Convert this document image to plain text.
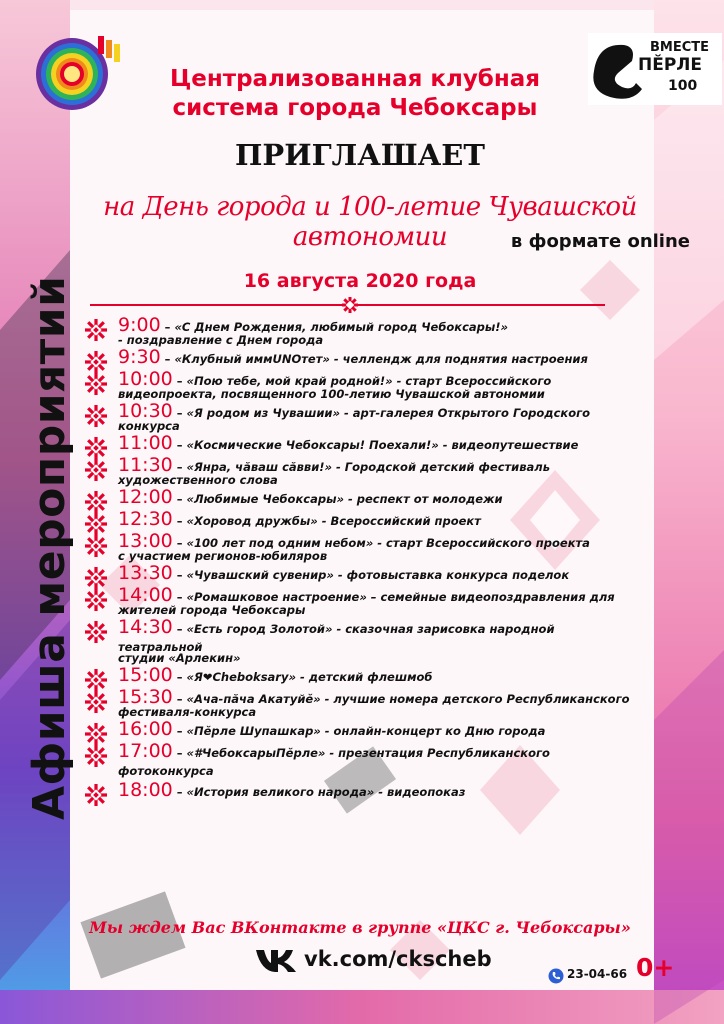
ВМЕСТЕ
ПĔРЛЕ
100
Централизованная клубная
система города Чебоксары
ПРИГЛАШАЕТ
на День города и 100-летие Чувашской автономии	в формате online
16 августа 2020 года
Афиша мероприятий	9:00 – «С Днем Рождения, любимый город Чебоксары!»
- поздравление с Днем города
9:30 – «Клубный иммUNOтет» - челлендж для поднятия настроения
10:00 – «Пою тебе, мой край родной!» - старт Всероссийского
видеопроекта, посвященного 100-летию Чувашской автономии
10:30 – «Я родом из Чувашии» - арт-галерея Открытого Городского
конкурса
11:00 – «Космические Чебоксары! Поехали!» - видеопутешествие
11:30 – «Янра, чăваш сăвви!» - Городской детский фестиваль
художественного слова
12:00 – «Любимые Чебоксары» - респект от молодежи
12:30 – «Хоровод дружбы» - Всероссийский проект
13:00 – «100 лет под одним небом» - старт Всероссийского проекта
с участием регионов-юбиляров
13:30 – «Чувашский сувенир» - фотовыставка конкурса поделок
14:00 – «Ромашковое настроение» – семейные видеопоздравления для
жителей города Чебоксары
14:30 – «Есть город Золотой» - сказочная зарисовка народной театральной
студии «Арлекин»
15:00 – «Я❤Cheboksary» - детский флешмоб
15:30 – «Ача-пăча Акатуйĕ» - лучшие номера детского Республиканского
фестиваля-конкурса
16:00 – «Пĕрле Шупашкар» - онлайн-концерт ко Дню города
17:00 – «#ЧебоксарыПĕрле» - презентация Республиканского фотоконкурса
18:00 – «История великого народа» - видеопоказ
Мы ждем Вас ВКонтакте в группе «ЦКС г. Чебоксары»
vk.com/cksсheb
23-04-66 0+
